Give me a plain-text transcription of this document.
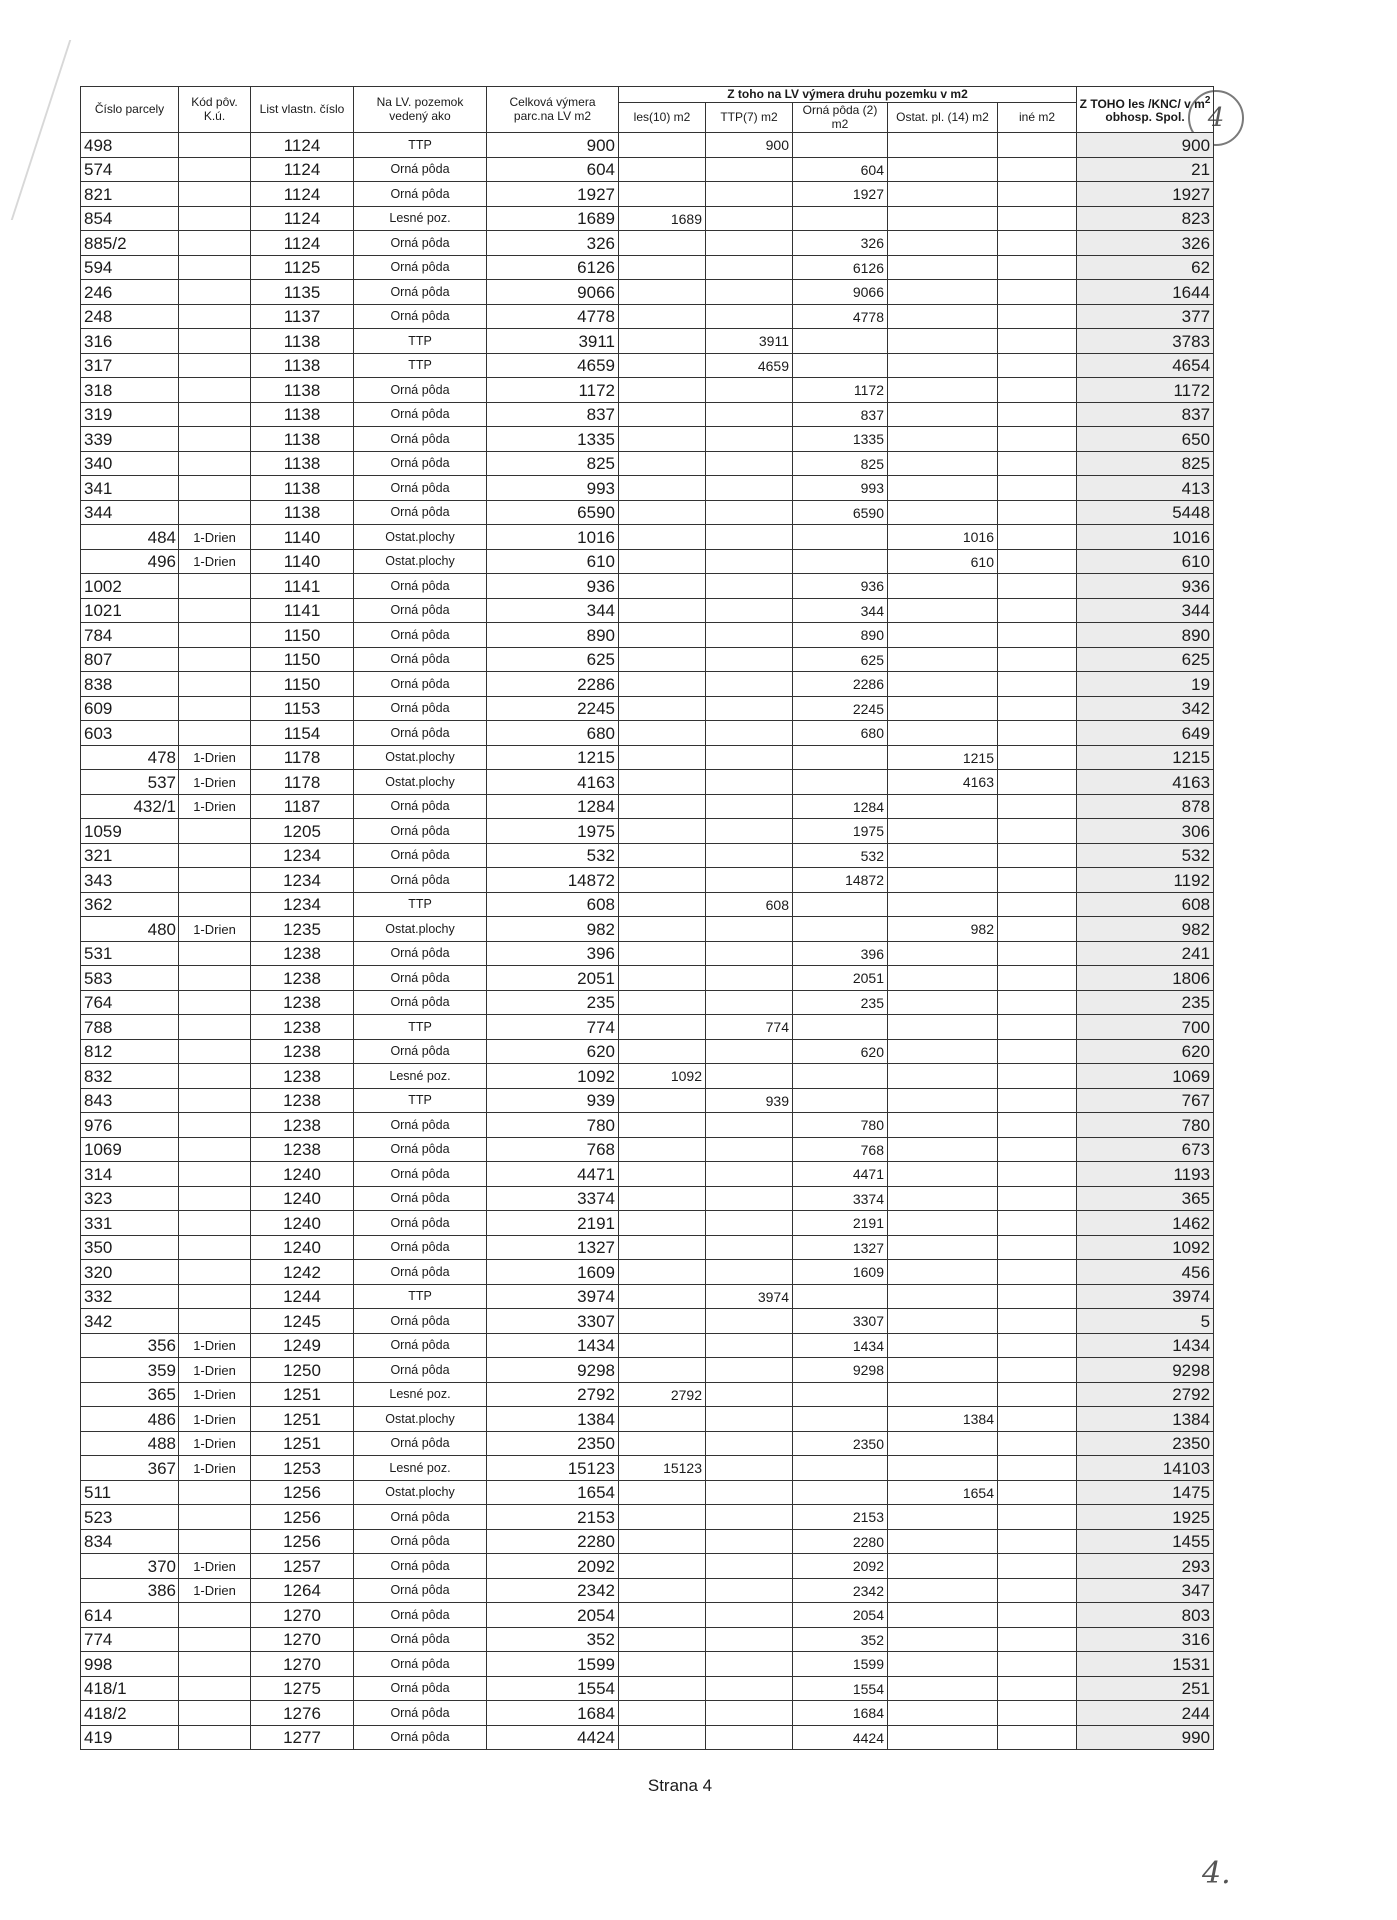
4
Číslo parcely	Kód pôv. K.ú.	List vlastn. číslo	Na LV. pozemok vedený ako	Celková výmera parc.na LV m2	Z toho na LV výmera druhu pozemku v m2					Z TOHO les /KNC/ v $m^2$
obhosp. Spol.
					les(10) m2	TTP(7) m2	Orná pôda (2) m2	Ostat. pl. (14) m2	iné m2	

498		1124	TTP	900		900				900
574		1124	Orná pôda	604			604			21
821		1124	Orná pôda	1927			1927			1927
854		1124	Lesné poz.	1689	1689					823
885/2		1124	Orná pôda	326			326			326
594		1125	Orná pôda	6126			6126			62
246		1135	Orná pôda	9066			9066			1644
248		1137	Orná pôda	4778			4778			377
316		1138	TTP	3911		3911				3783
317		1138	TTP	4659		4659				4654
318		1138	Orná pôda	1172			1172			1172
319		1138	Orná pôda	837			837			837
339		1138	Orná pôda	1335			1335			650
340		1138	Orná pôda	825			825			825
341		1138	Orná pôda	993			993			413
344		1138	Orná pôda	6590			6590			5448
484	1-Drien	1140	Ostat.plochy	1016				1016		1016
496	1-Drien	1140	Ostat.plochy	610				610		610
1002		1141	Orná pôda	936			936			936
1021		1141	Orná pôda	344			344			344
784		1150	Orná pôda	890			890			890
807		1150	Orná pôda	625			625			625
838		1150	Orná pôda	2286			2286			19
609		1153	Orná pôda	2245			2245			342
603		1154	Orná pôda	680			680			649
478	1-Drien	1178	Ostat.plochy	1215				1215		1215
537	1-Drien	1178	Ostat.plochy	4163				4163		4163
432/1	1-Drien	1187	Orná pôda	1284			1284			878
1059		1205	Orná pôda	1975			1975			306
321		1234	Orná pôda	532			532			532
343		1234	Orná pôda	14872			14872			1192
362		1234	TTP	608		608				608
480	1-Drien	1235	Ostat.plochy	982				982		982
531		1238	Orná pôda	396			396			241
583		1238	Orná pôda	2051			2051			1806
764		1238	Orná pôda	235			235			235
788		1238	TTP	774		774				700
812		1238	Orná pôda	620			620			620
832		1238	Lesné poz.	1092	1092					1069
843		1238	TTP	939		939				767
976		1238	Orná pôda	780			780			780
1069		1238	Orná pôda	768			768			673
314		1240	Orná pôda	4471			4471			1193
323		1240	Orná pôda	3374			3374			365
331		1240	Orná pôda	2191			2191			1462
350		1240	Orná pôda	1327			1327			1092
320		1242	Orná pôda	1609			1609			456
332		1244	TTP	3974		3974				3974
342		1245	Orná pôda	3307			3307			5
356	1-Drien	1249	Orná pôda	1434			1434			1434
359	1-Drien	1250	Orná pôda	9298			9298			9298
365	1-Drien	1251	Lesné poz.	2792	2792					2792
486	1-Drien	1251	Ostat.plochy	1384				1384		1384
488	1-Drien	1251	Orná pôda	2350			2350			2350
367	1-Drien	1253	Lesné poz.	15123	15123					14103
511		1256	Ostat.plochy	1654				1654		1475
523		1256	Orná pôda	2153			2153			1925
834		1256	Orná pôda	2280			2280			1455
370	1-Drien	1257	Orná pôda	2092			2092			293
386	1-Drien	1264	Orná pôda	2342			2342			347
614		1270	Orná pôda	2054			2054			803
774		1270	Orná pôda	352			352			316
998		1270	Orná pôda	1599			1599			1531
418/1		1275	Orná pôda	1554			1554			251
418/2		1276	Orná pôda	1684			1684			244
419		1277	Orná pôda	4424			4424			990
Strana 4
4.
